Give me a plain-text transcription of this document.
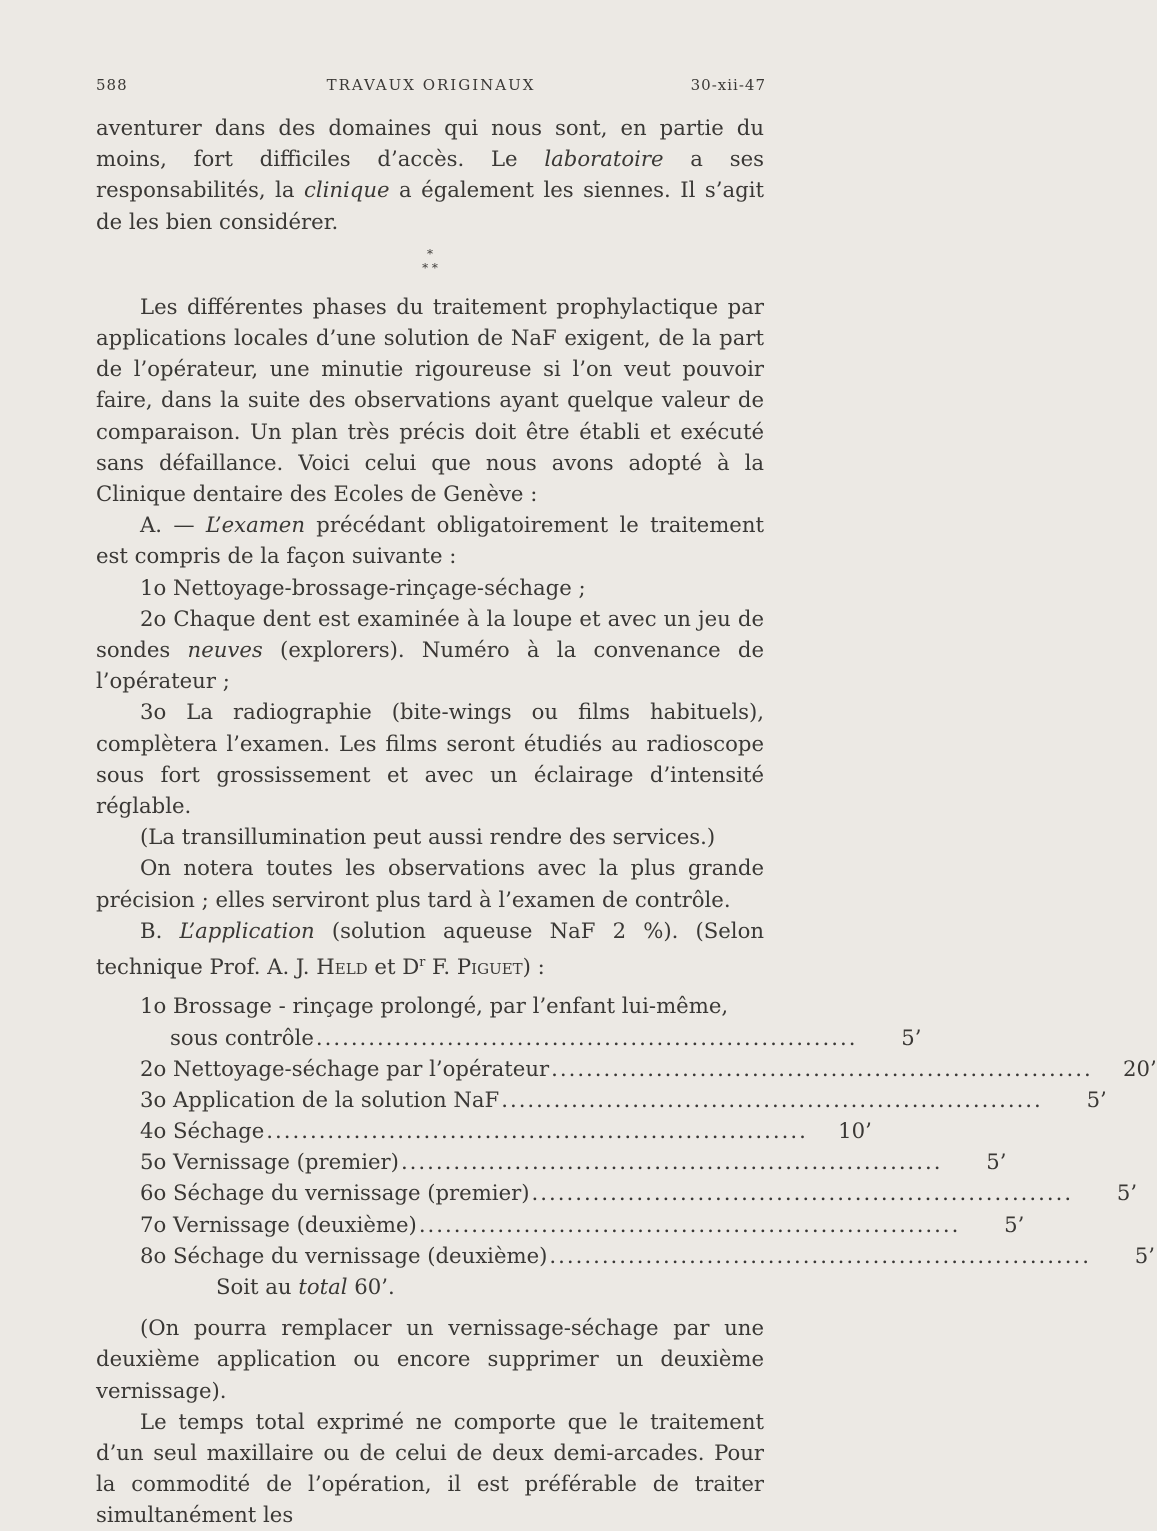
588	TRAVAUX ORIGINAUX	30-xii-47

aventurer dans des domaines qui nous sont, en partie du moins, fort difficiles d’accès. Le laboratoire a ses responsabilités, la clinique a également les siennes. Il s’agit de les bien considérer.

*
* *

Les différentes phases du traitement prophylactique par applications locales d’une solution de NaF exigent, de la part de l’opérateur, une minutie rigoureuse si l’on veut pouvoir faire, dans la suite des observations ayant quelque valeur de comparaison. Un plan très précis doit être établi et exécuté sans défaillance. Voici celui que nous avons adopté à la Clinique dentaire des Ecoles de Genève :

A. — L’examen précédant obligatoirement le traitement est compris de la façon suivante :

1o Nettoyage-brossage-rinçage-séchage ;

2o Chaque dent est examinée à la loupe et avec un jeu de sondes neuves (explorers). Numéro à la convenance de l’opérateur ;

3o La radiographie (bite-wings ou films habituels), complètera l’examen. Les films seront étudiés au radioscope sous fort grossissement et avec un éclairage d’intensité réglable.

(La transillumination peut aussi rendre des services.)

On notera toutes les observations avec la plus grande précision ; elles serviront plus tard à l’examen de contrôle.

B. L’application (solution aqueuse NaF 2 %). (Selon technique Prof. A. J. Held et $D^r$ F. Piguet) :

1o Brossage - rinçage prolongé, par l’enfant lui-même,
sous contrôle ..............................................................	5’
2o Nettoyage-séchage par l’opérateur ..............................................................	20’
3o Application de la solution NaF ..............................................................	5’
4o Séchage ..............................................................	10’
5o Vernissage (premier) ..............................................................	5’
6o Séchage du vernissage (premier) ..............................................................	5’
7o Vernissage (deuxième) ..............................................................	5’
8o Séchage du vernissage (deuxième) ..............................................................	5’
Soit au total 60’.

(On pourra remplacer un vernissage-séchage par une deuxième application ou encore supprimer un deuxième vernissage).

Le temps total exprimé ne comporte que le traitement d’un seul maxillaire ou de celui de deux demi-arcades. Pour la commodité de l’opération, il est préférable de traiter simultanément les
